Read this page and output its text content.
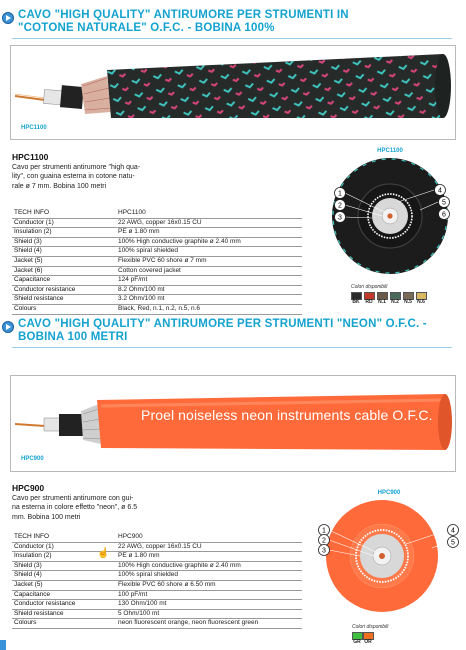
CAVO "HIGH QUALITY" ANTIRUMORE PER STRUMENTI IN
"COTONE NATURALE" O.F.C. - BOBINA 100%
HPC1100
HPC1100
Cavo per strumenti antirumore "high qua-
lity", con guaina esterna in cotone natu-
rale ø 7 mm. Bobina 100 metri
TECH INFO	HPC1100
Conductor (1)	22 AWG, copper 16x0.15 CU
Insulation (2)	PE ø 1.80 mm
Shield (3)	100% High conductive graphite ø 2.40 mm
Shield (4)	100% spiral shielded
Jacket (5)	Flexible PVC 60 shore ø 7 mm
Jacket (6)	Cotton covered jacket
Capacitance	124 pF/mt
Conductor resistance	8.2 Ohm/100 mt
Shield resistance	3.2 Ohm/100 mt
Colours	Black, Red, n.1, n.2, n.5, n.6
HPC1100
1
2
3
4
5
6
Colori disponibili
BK RD N.1 N.2 N.5 N.6
CAVO "HIGH QUALITY" ANTIRUMORE PER STRUMENTI "NEON" O.F.C. -
BOBINA 100 METRI
Proel noiseless neon instruments cable O.F.C.
HPC900
HPC900
Cavo per strumenti antirumore con gui-
na esterna in colore effetto "neon", ø 6.5
mm. Bobina 100 metri
TECH INFO	HPC900
Conductor (1)	22 AWG, copper 16x0.15 CU
Insulation (2)	PE ø 1.80 mm
Shield (3)	100% High conductive graphite ø 2.40 mm
Shield (4)	100% spiral shielded
Jacket (5)	Flexible PVC 60 shore ø 6.50 mm
Capacitance	100 pF/mt
Conductor resistance	130 Ohm/100 mt
Shield resistance	5 Ohm/100 mt
Colours	neon fluorescent orange, neon fluorescent green
☝
HPC900
1
2
3
4
5
Colori disponibili
GR OR
